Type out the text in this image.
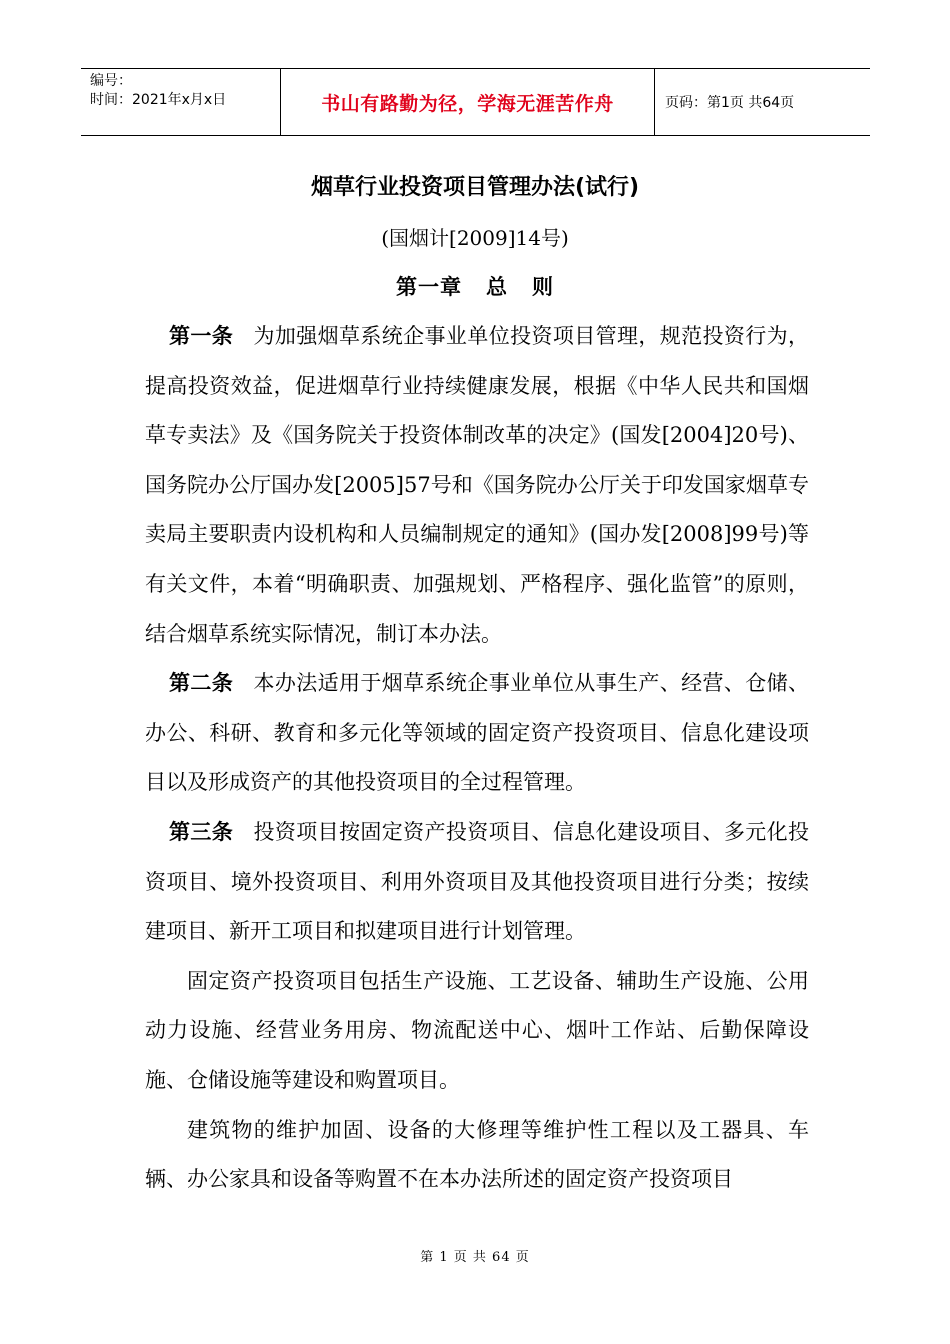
编号：
时间：2021年x月x日	书山有路勤为径，学海无涯苦作舟	页码：第1页 共64页
烟草行业投资项目管理办法(试行)
(国烟计[2009]14号)
第一章 总 则

第一条 为加强烟草系统企事业单位投资项目管理，规范投资行为，提高投资效益，促进烟草行业持续健康发展，根据《中华人民共和国烟草专卖法》及《国务院关于投资体制改革的决定》(国发[2004]20号)、国务院办公厅国办发[2005]57号和《国务院办公厅关于印发国家烟草专卖局主要职责内设机构和人员编制规定的通知》(国办发[2008]99号)等有关文件，本着“明确职责、加强规划、严格程序、强化监管”的原则，结合烟草系统实际情况，制订本办法。

第二条 本办法适用于烟草系统企事业单位从事生产、经营、仓储、办公、科研、教育和多元化等领域的固定资产投资项目、信息化建设项目以及形成资产的其他投资项目的全过程管理。

第三条 投资项目按固定资产投资项目、信息化建设项目、多元化投资项目、境外投资项目、利用外资项目及其他投资项目进行分类；按续建项目、新开工项目和拟建项目进行计划管理。

固定资产投资项目包括生产设施、工艺设备、辅助生产设施、公用动力设施、经营业务用房、物流配送中心、烟叶工作站、后勤保障设施、仓储设施等建设和购置项目。

建筑物的维护加固、设备的大修理等维护性工程以及工器具、车辆、办公家具和设备等购置不在本办法所述的固定资产投资项目

第 1 页 共 64 页
